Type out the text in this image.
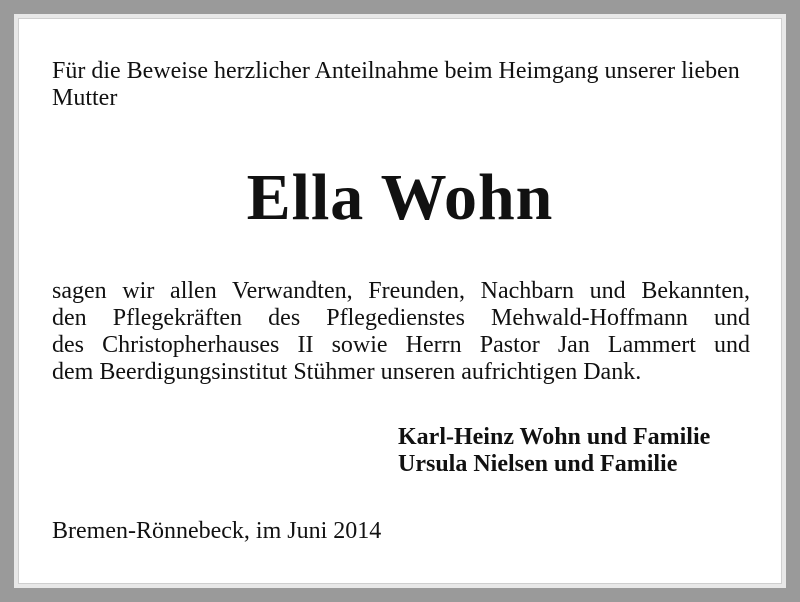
Für die Beweise herzlicher Anteilnahme beim Heimgang unserer lieben Mutter

Ella Wohn
sagen wir allen Verwandten, Freunden, Nachbarn und Bekannten,
den Pflegekräften des Pflegedienstes Mehwald-Hoffmann und
des Christopherhauses II sowie Herrn Pastor Jan Lammert und
dem Beerdigungsinstitut Stühmer unseren aufrichtigen Dank.
Karl-Heinz Wohn und Familie
Ursula Nielsen und Familie

Bremen-Rönnebeck, im Juni 2014
